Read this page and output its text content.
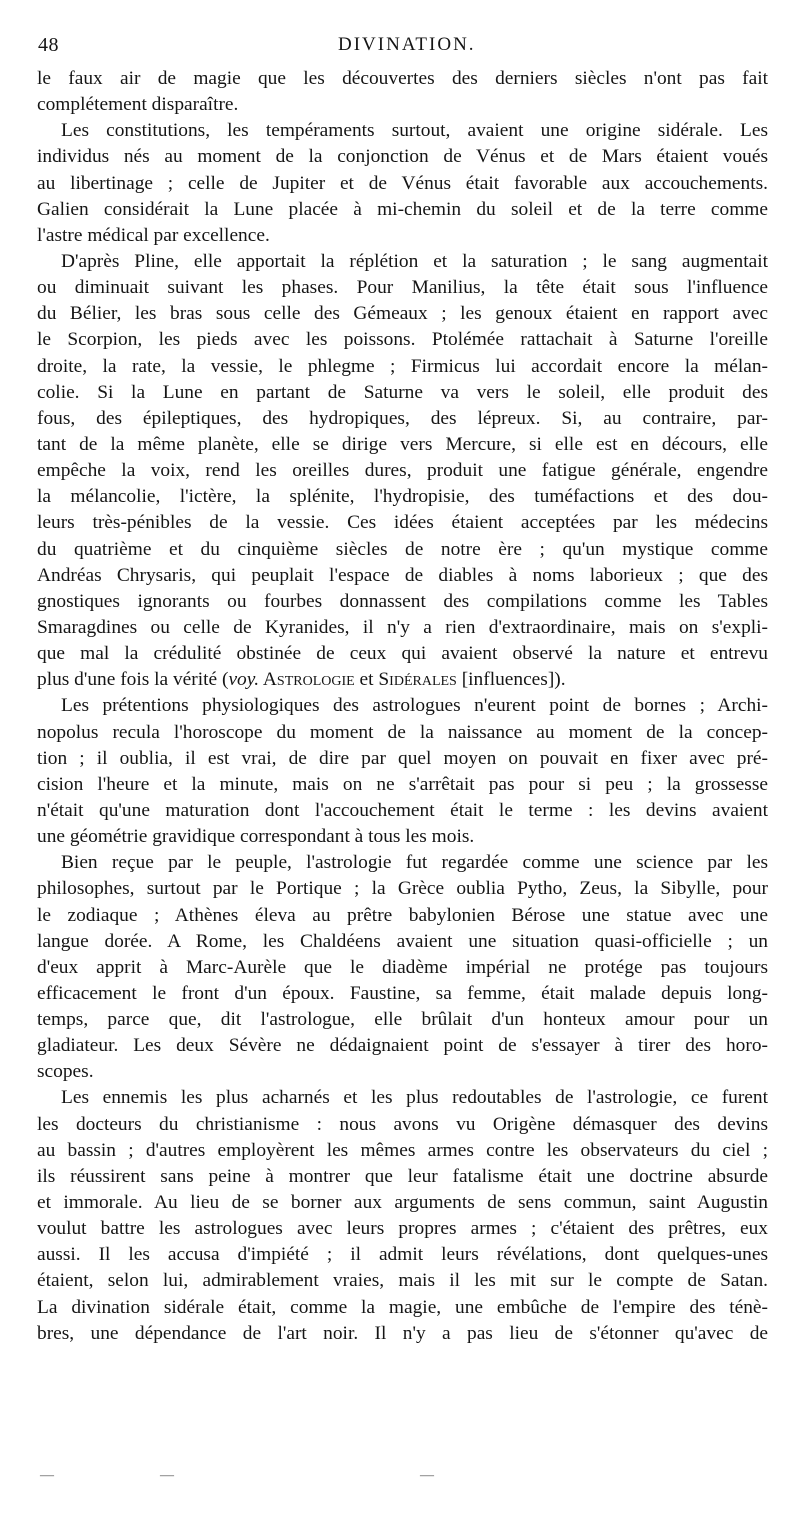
48	DIVINATION.

le faux air de magie que les découvertes des derniers siècles n'ont pas fait
complétement disparaître.

Les constitutions, les tempéraments surtout, avaient une origine sidérale. Les
individus nés au moment de la conjonction de Vénus et de Mars étaient voués
au libertinage ; celle de Jupiter et de Vénus était favorable aux accouchements.
Galien considérait la Lune placée à mi-chemin du soleil et de la terre comme
l'astre médical par excellence.

D'après Pline, elle apportait la réplétion et la saturation ; le sang augmentait
ou diminuait suivant les phases. Pour Manilius, la tête était sous l'influence
du Bélier, les bras sous celle des Gémeaux ; les genoux étaient en rapport avec
le Scorpion, les pieds avec les poissons. Ptolémée rattachait à Saturne l'oreille
droite, la rate, la vessie, le phlegme ; Firmicus lui accordait encore la mélan-
colie. Si la Lune en partant de Saturne va vers le soleil, elle produit des
fous, des épileptiques, des hydropiques, des lépreux. Si, au contraire, par-
tant de la même planète, elle se dirige vers Mercure, si elle est en décours, elle
empêche la voix, rend les oreilles dures, produit une fatigue générale, engendre
la mélancolie, l'ictère, la splénite, l'hydropisie, des tuméfactions et des dou-
leurs très-pénibles de la vessie. Ces idées étaient acceptées par les médecins
du quatrième et du cinquième siècles de notre ère ; qu'un mystique comme
Andréas Chrysaris, qui peuplait l'espace de diables à noms laborieux ; que des
gnostiques ignorants ou fourbes donnassent des compilations comme les Tables
Smaragdines ou celle de Kyranides, il n'y a rien d'extraordinaire, mais on s'expli-
que mal la crédulité obstinée de ceux qui avaient observé la nature et entrevu
plus d'une fois la vérité (voy. Astrologie et Sidérales [influences]).

Les prétentions physiologiques des astrologues n'eurent point de bornes ; Archi-
nopolus recula l'horoscope du moment de la naissance au moment de la concep-
tion ; il oublia, il est vrai, de dire par quel moyen on pouvait en fixer avec pré-
cision l'heure et la minute, mais on ne s'arrêtait pas pour si peu ; la grossesse
n'était qu'une maturation dont l'accouchement était le terme : les devins avaient
une géométrie gravidique correspondant à tous les mois.

Bien reçue par le peuple, l'astrologie fut regardée comme une science par les
philosophes, surtout par le Portique ; la Grèce oublia Pytho, Zeus, la Sibylle, pour
le zodiaque ; Athènes éleva au prêtre babylonien Bérose une statue avec une
langue dorée. A Rome, les Chaldéens avaient une situation quasi-officielle ; un
d'eux apprit à Marc-Aurèle que le diadème impérial ne protége pas toujours
efficacement le front d'un époux. Faustine, sa femme, était malade depuis long-
temps, parce que, dit l'astrologue, elle brûlait d'un honteux amour pour un
gladiateur. Les deux Sévère ne dédaignaient point de s'essayer à tirer des horo-
scopes.

Les ennemis les plus acharnés et les plus redoutables de l'astrologie, ce furent
les docteurs du christianisme : nous avons vu Origène démasquer des devins
au bassin ; d'autres employèrent les mêmes armes contre les observateurs du ciel ;
ils réussirent sans peine à montrer que leur fatalisme était une doctrine absurde
et immorale. Au lieu de se borner aux arguments de sens commun, saint Augustin
voulut battre les astrologues avec leurs propres armes ; c'étaient des prêtres, eux
aussi. Il les accusa d'impiété ; il admit leurs révélations, dont quelques-unes
étaient, selon lui, admirablement vraies, mais il les mit sur le compte de Satan.
La divination sidérale était, comme la magie, une embûche de l'empire des ténè-
bres, une dépendance de l'art noir. Il n'y a pas lieu de s'étonner qu'avec de

—	—	—
